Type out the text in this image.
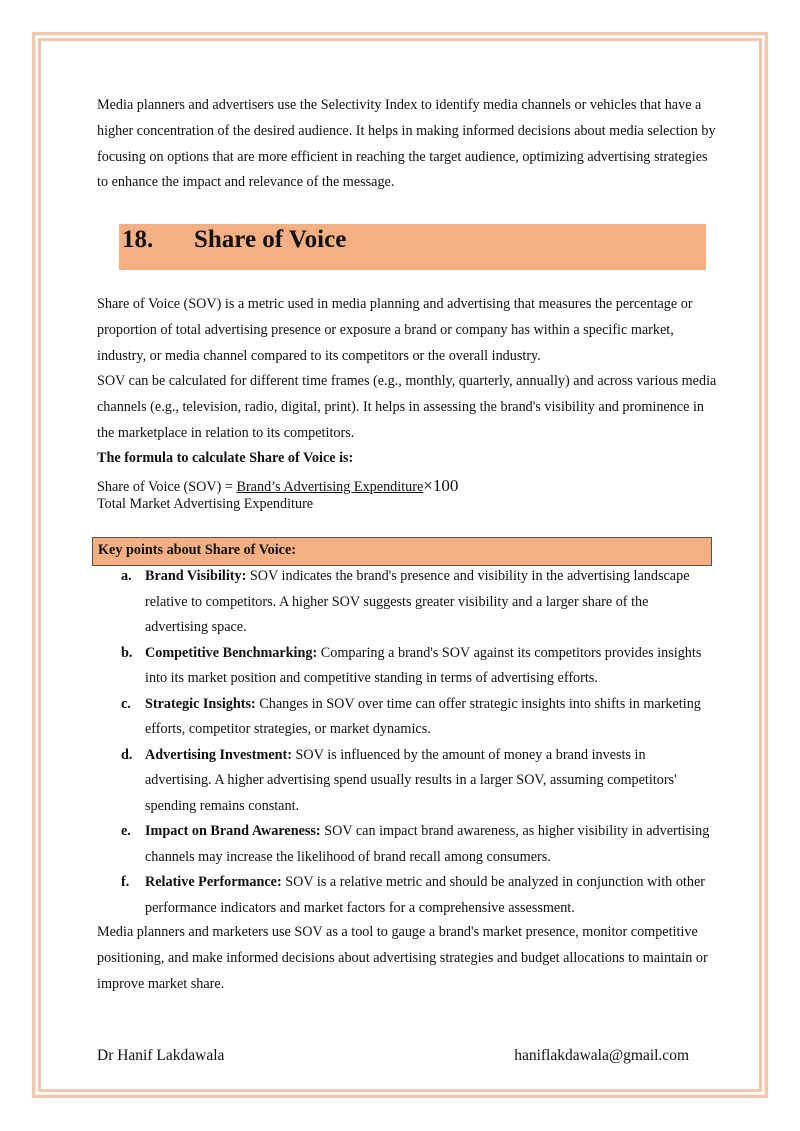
Media planners and advertisers use the Selectivity Index to identify media channels or vehicles that have a higher concentration of the desired audience. It helps in making informed decisions about media selection by focusing on options that are more efficient in reaching the target audience, optimizing advertising strategies to enhance the impact and relevance of the message.

18. Share of Voice

Share of Voice (SOV) is a metric used in media planning and advertising that measures the percentage or proportion of total advertising presence or exposure a brand or company has within a specific market, industry, or media channel compared to its competitors or the overall industry.

SOV can be calculated for different time frames (e.g., monthly, quarterly, annually) and across various media channels (e.g., television, radio, digital, print). It helps in assessing the brand's visibility and prominence in the marketplace in relation to its competitors.

The formula to calculate Share of Voice is:
Share of Voice (SOV) = Brand’s Advertising Expenditure×100
Total Market Advertising Expenditure
Key points about Share of Voice:
a. Brand Visibility: SOV indicates the brand's presence and visibility in the advertising landscape relative to competitors. A higher SOV suggests greater visibility and a larger share of the advertising space.
b. Competitive Benchmarking: Comparing a brand's SOV against its competitors provides insights into its market position and competitive standing in terms of advertising efforts.
c. Strategic Insights: Changes in SOV over time can offer strategic insights into shifts in marketing efforts, competitor strategies, or market dynamics.
d. Advertising Investment: SOV is influenced by the amount of money a brand invests in advertising. A higher advertising spend usually results in a larger SOV, assuming competitors' spending remains constant.
e. Impact on Brand Awareness: SOV can impact brand awareness, as higher visibility in advertising channels may increase the likelihood of brand recall among consumers.
f. Relative Performance: SOV is a relative metric and should be analyzed in conjunction with other performance indicators and market factors for a comprehensive assessment.

Media planners and marketers use SOV as a tool to gauge a brand's market presence, monitor competitive positioning, and make informed decisions about advertising strategies and budget allocations to maintain or improve market share.

Dr Hanif Lakdawala	haniflakdawala@gmail.com
